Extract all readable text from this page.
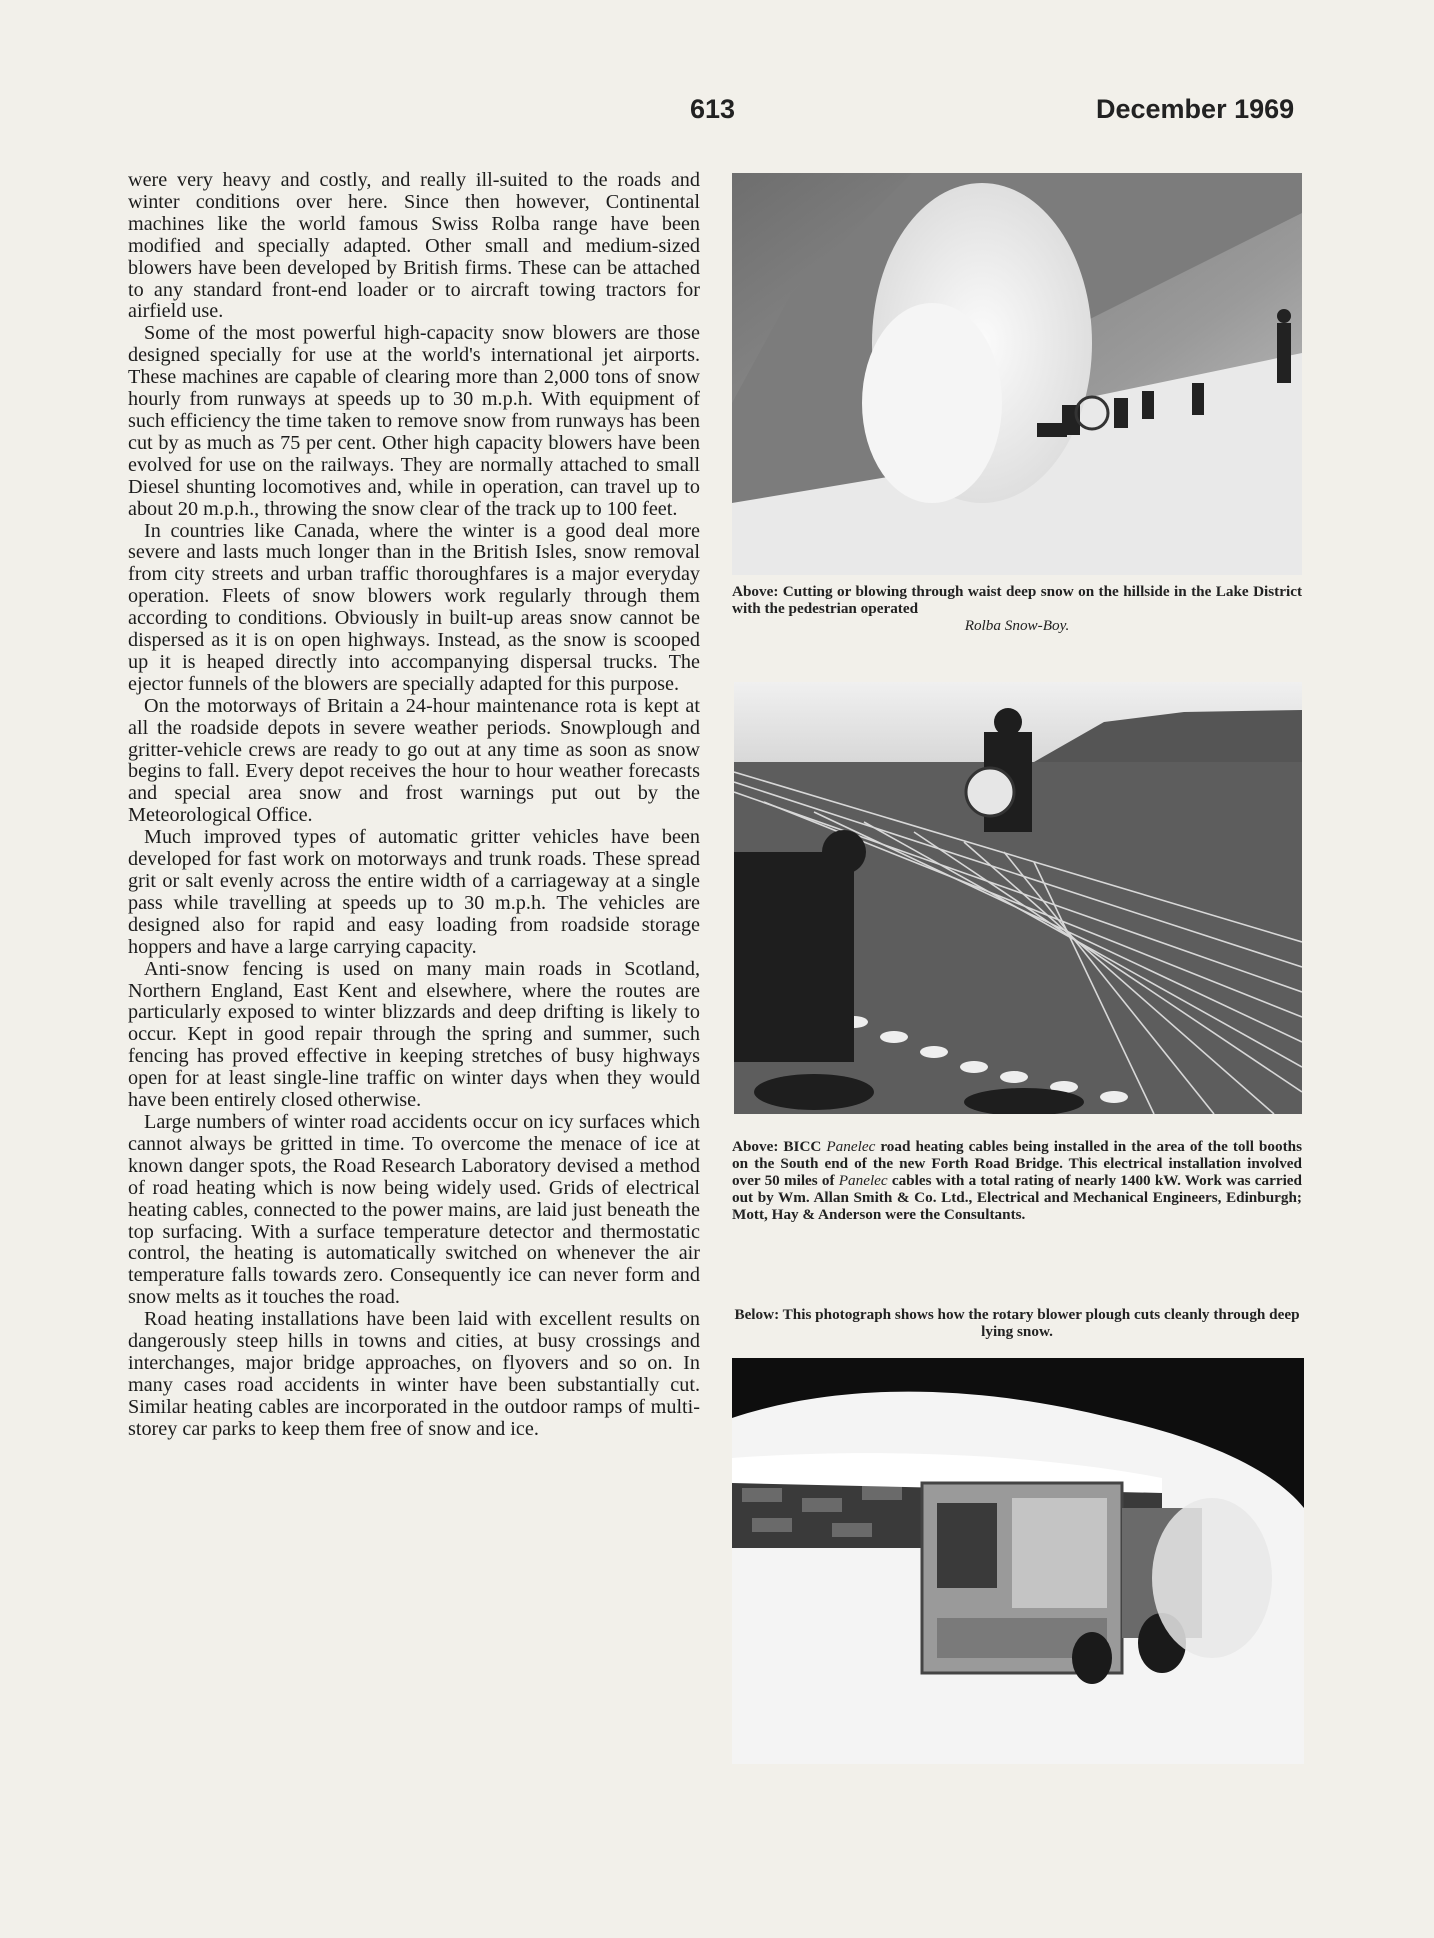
613	December 1969

were very heavy and costly, and really ill-suited to the roads and winter conditions over here. Since then however, Continental machines like the world famous Swiss Rolba range have been modified and specially adapted. Other small and medium-sized blowers have been developed by British firms. These can be attached to any standard front-end loader or to aircraft towing tractors for airfield use.

Some of the most powerful high-capacity snow blowers are those designed specially for use at the world's international jet airports. These machines are capable of clearing more than 2,000 tons of snow hourly from runways at speeds up to 30 m.p.h. With equipment of such efficiency the time taken to remove snow from runways has been cut by as much as 75 per cent. Other high capacity blowers have been evolved for use on the railways. They are normally attached to small Diesel shunting locomotives and, while in operation, can travel up to about 20 m.p.h., throwing the snow clear of the track up to 100 feet.

In countries like Canada, where the winter is a good deal more severe and lasts much longer than in the British Isles, snow removal from city streets and urban traffic thoroughfares is a major everyday operation. Fleets of snow blowers work regularly through them according to conditions. Obviously in built-up areas snow cannot be dispersed as it is on open highways. Instead, as the snow is scooped up it is heaped directly into accompanying dispersal trucks. The ejector funnels of the blowers are specially adapted for this purpose.

On the motorways of Britain a 24-hour maintenance rota is kept at all the roadside depots in severe weather periods. Snowplough and gritter-vehicle crews are ready to go out at any time as soon as snow begins to fall. Every depot receives the hour to hour weather forecasts and special area snow and frost warnings put out by the Meteorological Office.

Much improved types of automatic gritter vehicles have been developed for fast work on motorways and trunk roads. These spread grit or salt evenly across the entire width of a carriageway at a single pass while travelling at speeds up to 30 m.p.h. The vehicles are designed also for rapid and easy loading from roadside storage hoppers and have a large carrying capacity.

Anti-snow fencing is used on many main roads in Scotland, Northern England, East Kent and elsewhere, where the routes are particularly exposed to winter blizzards and deep drifting is likely to occur. Kept in good repair through the spring and summer, such fencing has proved effective in keeping stretches of busy highways open for at least single-line traffic on winter days when they would have been entirely closed otherwise.

Large numbers of winter road accidents occur on icy surfaces which cannot always be gritted in time. To overcome the menace of ice at known danger spots, the Road Research Laboratory devised a method of road heating which is now being widely used. Grids of electrical heating cables, connected to the power mains, are laid just beneath the top surfacing. With a surface temperature detector and thermostatic control, the heating is automatically switched on whenever the air temperature falls towards zero. Consequently ice can never form and snow melts as it touches the road.

Road heating installations have been laid with excellent results on dangerously steep hills in towns and cities, at busy crossings and interchanges, major bridge approaches, on flyovers and so on. In many cases road accidents in winter have been substantially cut. Similar heating cables are incorporated in the outdoor ramps of multi-storey car parks to keep them free of snow and ice.

Above: Cutting or blowing through waist deep snow on the hillside in the Lake District with the pedestrian operated
Rolba Snow-Boy.
Above: BICC Panelec road heating cables being installed in the area of the toll booths on the South end of the new Forth Road Bridge. This electrical installation involved over 50 miles of Panelec cables with a total rating of nearly 1400 kW. Work was carried out by Wm. Allan Smith & Co. Ltd., Electrical and Mechanical Engineers, Edinburgh; Mott, Hay & Anderson were the Consultants.
Below: This photograph shows how the rotary blower plough cuts cleanly through deep lying snow.
